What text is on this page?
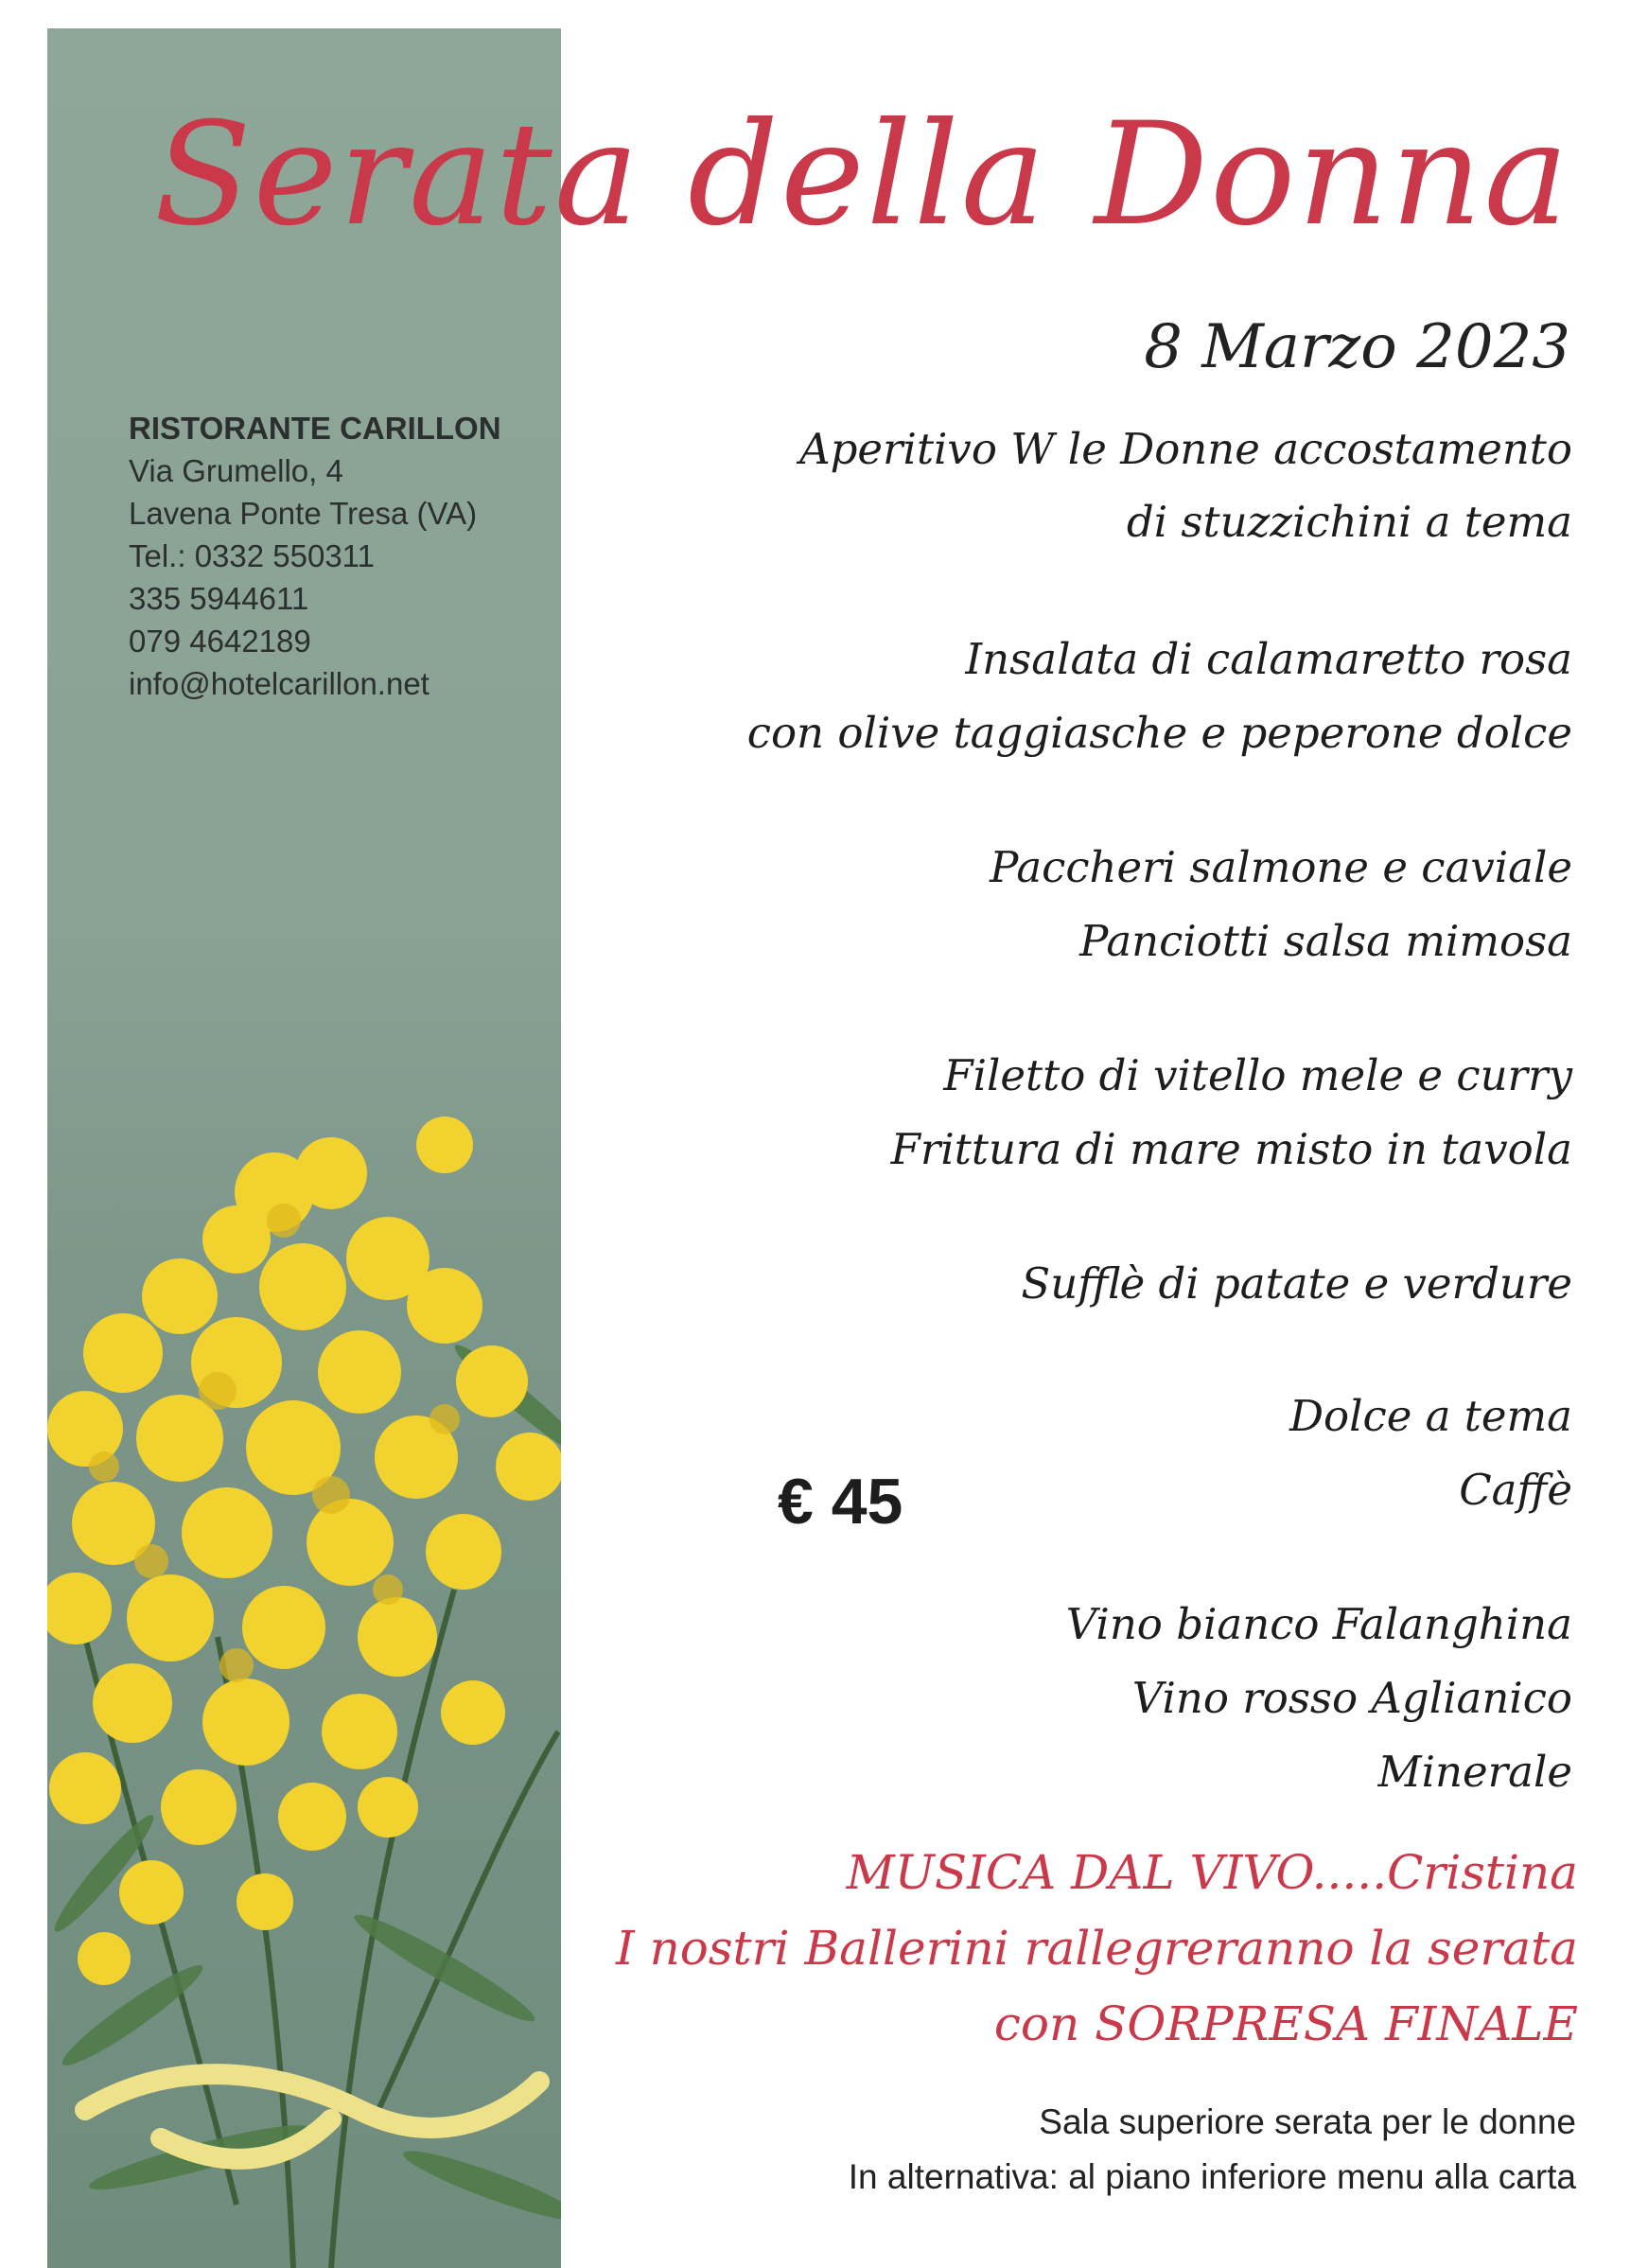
Serata della Donna
8 Marzo 2023
RISTORANTE CARILLON
Via Grumello, 4
Lavena Ponte Tresa (VA)
Tel.: 0332 550311
335 5944611
079 4642189
info@hotelcarillon.net
Aperitivo W le Donne accostamento
di stuzzichini a tema
Insalata di calamaretto rosa
con olive taggiasche e peperone dolce
Paccheri salmone e caviale
Panciotti salsa mimosa
Filetto di vitello mele e curry
Frittura di mare misto in tavola
Sufflè di patate e verdure
Dolce a tema
Caffè
Vino bianco Falanghina
Vino rosso Aglianico
Minerale
€ 45
MUSICA DAL VIVO.....Cristina
I nostri Ballerini rallegreranno la serata
con SORPRESA FINALE
Sala superiore serata per le donne
In alternativa: al piano inferiore menu alla carta
